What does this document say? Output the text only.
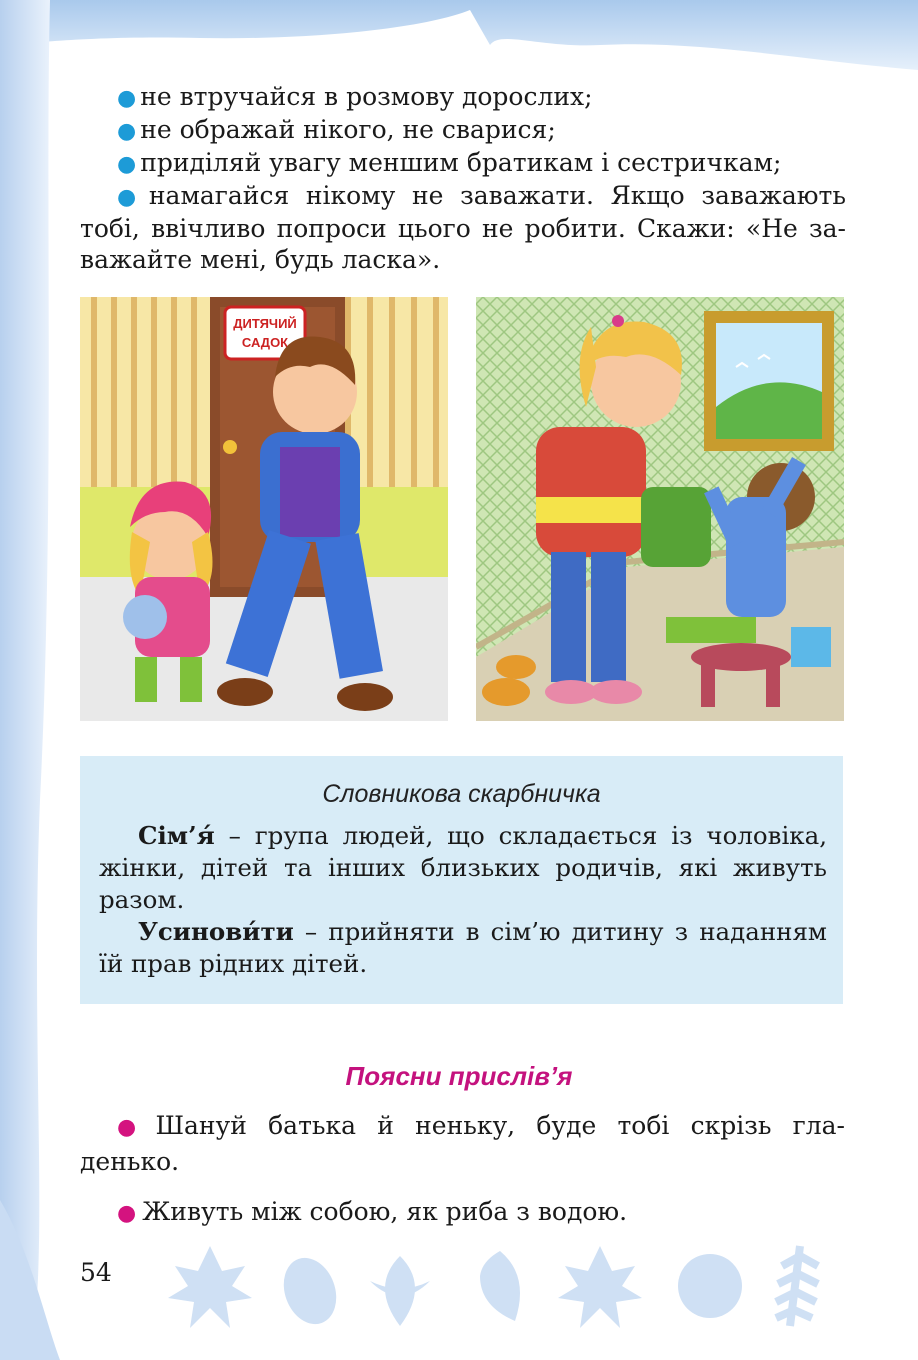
● не втручайся в розмову дорослих;

● не ображай нікого, не сварися;

● приділяй увагу меншим братикам і сестричкам;

● намагайся нікому не заважати. Якщо заважають

тобі, ввічливо попроси цього не робити. Скажи: «Не за-

важайте мені, будь ласка».

ДИТЯЧИЙ
САДОК
Словникова скарбничка

Сім’я́ – група людей, що складається із чоловіка, жінки, дітей та інших близьких родичів, які живуть разом.

Усинови́ти – прийняти в сім’ю дитину з наданням їй прав рідних дітей.

Поясни прислів’я

● Шануй батька й неньку, буде тобі скрізь гла-

денько.

● Живуть між собою, як риба з водою.

54
